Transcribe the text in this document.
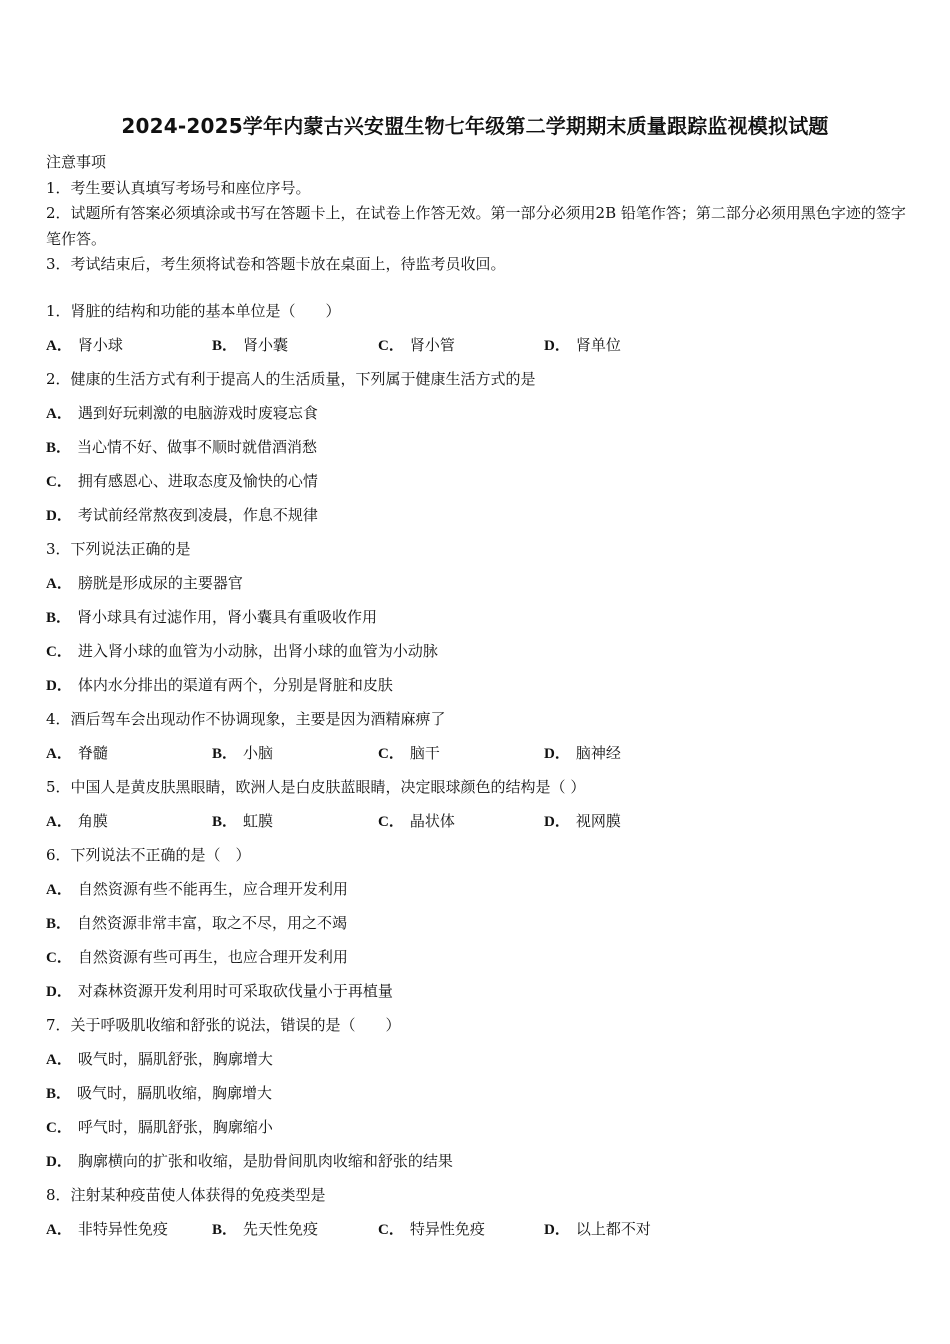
2024-2025学年内蒙古兴安盟生物七年级第二学期期末质量跟踪监视模拟试题
注意事项
1．考生要认真填写考场号和座位序号。
2．试题所有答案必须填涂或书写在答题卡上，在试卷上作答无效。第一部分必须用2B 铅笔作答；第二部分必须用黑色字迹的签字笔作答。
3．考试结束后，考生须将试卷和答题卡放在桌面上，待监考员收回。
1．肾脏的结构和功能的基本单位是（　　）
A． 肾小球	B． 肾小囊	C． 肾小管	D． 肾单位
2．健康的生活方式有利于提高人的生活质量，下列属于健康生活方式的是
A． 遇到好玩刺激的电脑游戏时废寝忘食
B． 当心情不好、做事不顺时就借酒消愁
C． 拥有感恩心、进取态度及愉快的心情
D． 考试前经常熬夜到凌晨，作息不规律
3．下列说法正确的是
A． 膀胱是形成尿的主要器官
B． 肾小球具有过滤作用，肾小囊具有重吸收作用
C． 进入肾小球的血管为小动脉，出肾小球的血管为小动脉
D． 体内水分排出的渠道有两个，分别是肾脏和皮肤
4．酒后驾车会出现动作不协调现象，主要是因为酒精麻痹了
A． 脊髓	B． 小脑	C． 脑干	D． 脑神经
5．中国人是黄皮肤黑眼睛，欧洲人是白皮肤蓝眼睛，决定眼球颜色的结构是（ ）
A． 角膜	B． 虹膜	C． 晶状体	D． 视网膜
6．下列说法不正确的是（　）
A． 自然资源有些不能再生，应合理开发利用
B． 自然资源非常丰富，取之不尽，用之不竭
C． 自然资源有些可再生，也应合理开发利用
D． 对森林资源开发利用时可采取砍伐量小于再植量
7．关于呼吸肌收缩和舒张的说法，错误的是（　　）
A． 吸气时，膈肌舒张，胸廓增大
B． 吸气时，膈肌收缩，胸廓增大
C． 呼气时，膈肌舒张，胸廓缩小
D． 胸廓横向的扩张和收缩，是肋骨间肌肉收缩和舒张的结果
8．注射某种疫苗使人体获得的免疫类型是
A． 非特异性免疫	B． 先天性免疫	C． 特异性免疫	D． 以上都不对
